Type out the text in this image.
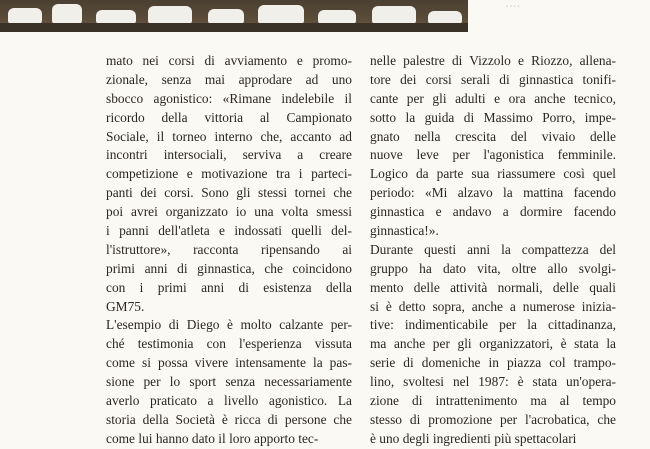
....
mato nei corsi di avviamento e promo-
zionale, senza mai approdare ad uno
sbocco agonistico: «Rimane indelebile il
ricordo della vittoria al Campionato
Sociale, il torneo interno che, accanto ad
incontri intersociali, serviva a creare
competizione e motivazione tra i parteci-
panti dei corsi. Sono gli stessi tornei che
poi avrei organizzato io una volta smessi
i panni dell'atleta e indossati quelli del-
l'istruttore», racconta ripensando ai
primi anni di ginnastica, che coincidono
con i primi anni di esistenza della
GM75.
L'esempio di Diego è molto calzante per-
ché testimonia con l'esperienza vissuta
come si possa vivere intensamente la pas-
sione per lo sport senza necessariamente
averlo praticato a livello agonistico. La
storia della Società è ricca di persone che
come lui hanno dato il loro apporto tec-
nelle palestre di Vizzolo e Riozzo, allena-
tore dei corsi serali di ginnastica tonifi-
cante per gli adulti e ora anche tecnico,
sotto la guida di Massimo Porro, impe-
gnato nella crescita del vivaio delle
nuove leve per l'agonistica femminile.
Logico da parte sua riassumere così quel
periodo: «Mi alzavo la mattina facendo
ginnastica e andavo a dormire facendo
ginnastica!».
Durante questi anni la compattezza del
gruppo ha dato vita, oltre allo svolgi-
mento delle attività normali, delle quali
si è detto sopra, anche a numerose inizia-
tive: indimenticabile per la cittadinanza,
ma anche per gli organizzatori, è stata la
serie di domeniche in piazza col trampo-
lino, svoltesi nel 1987: è stata un'opera-
zione di intrattenimento ma al tempo
stesso di promozione per l'acrobatica, che
è uno degli ingredienti più spettacolari
